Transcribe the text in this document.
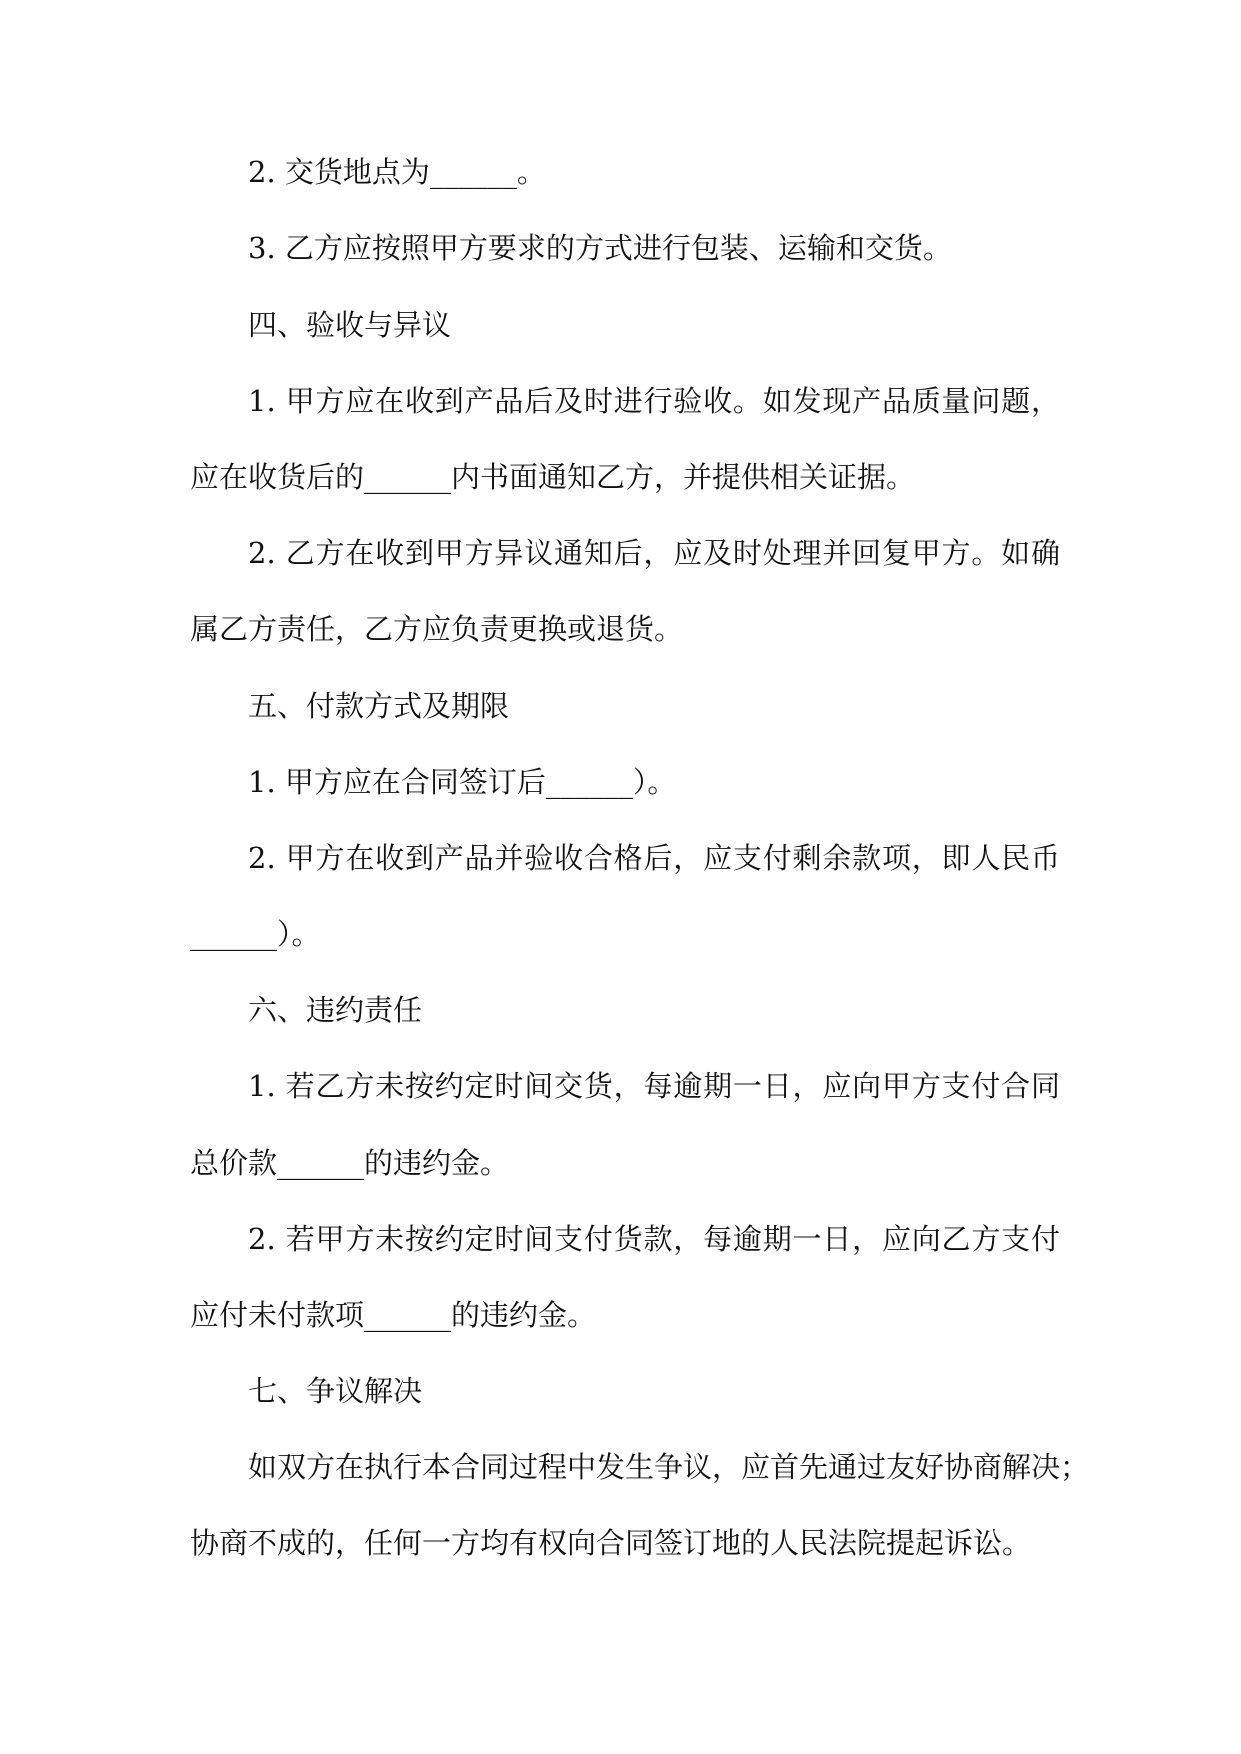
2. 交货地点为______。
3. 乙方应按照甲方要求的方式进行包装、运输和交货。
四、验收与异议
1. 甲方应在收到产品后及时进行验收。如发现产品质量问题，
应在收货后的______内书面通知乙方，并提供相关证据。
2. 乙方在收到甲方异议通知后，应及时处理并回复甲方。如确
属乙方责任，乙方应负责更换或退货。
五、付款方式及期限
1. 甲方应在合同签订后______）。
2. 甲方在收到产品并验收合格后，应支付剩余款项，即人民币
______）。
六、违约责任
1. 若乙方未按约定时间交货，每逾期一日，应向甲方支付合同
总价款______的违约金。
2. 若甲方未按约定时间支付货款，每逾期一日，应向乙方支付
应付未付款项______的违约金。
七、争议解决
如双方在执行本合同过程中发生争议，应首先通过友好协商解决；
协商不成的，任何一方均有权向合同签订地的人民法院提起诉讼。
